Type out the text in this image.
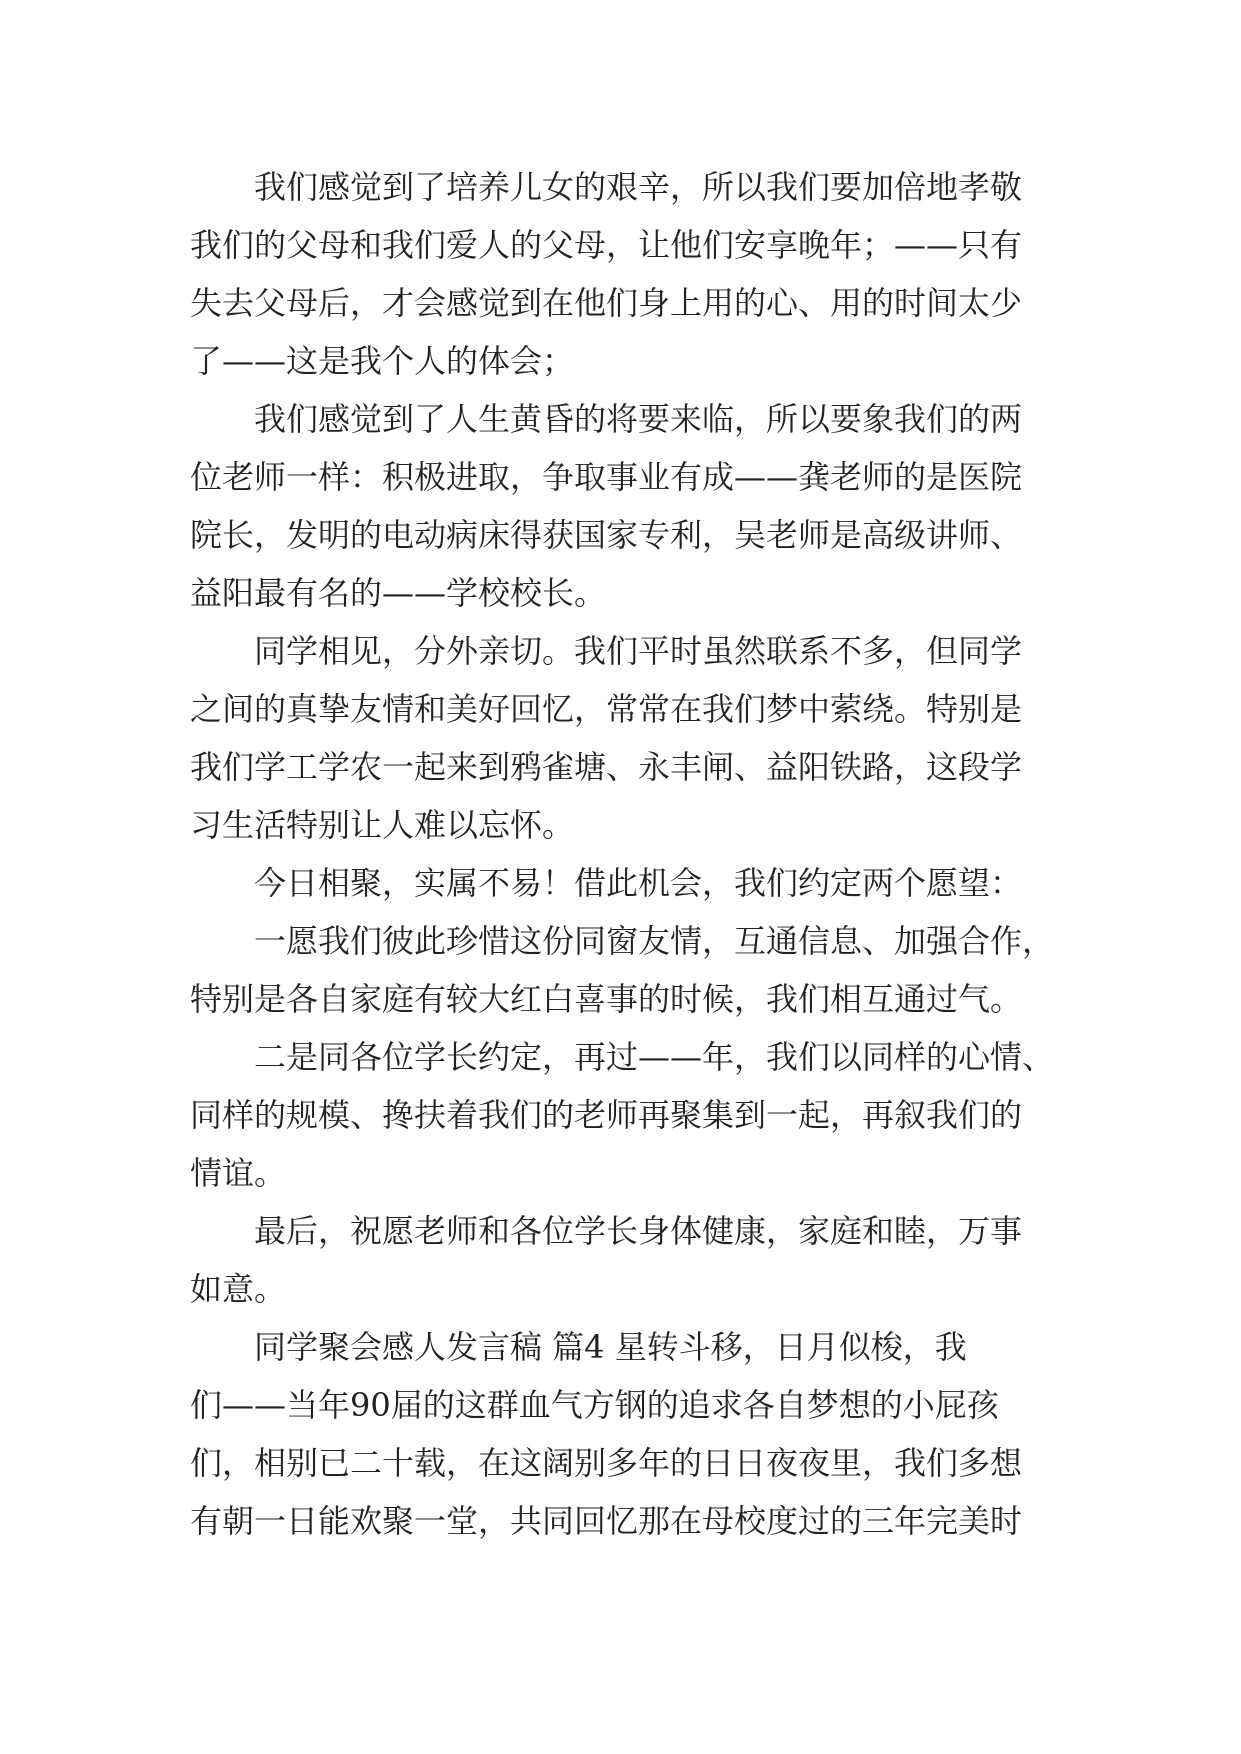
我们感觉到了培养儿女的艰辛，所以我们要加倍地孝敬
我们的父母和我们爱人的父母，让他们安享晚年；——只有
失去父母后，才会感觉到在他们身上用的心、用的时间太少
了——这是我个人的体会；
我们感觉到了人生黄昏的将要来临，所以要象我们的两
位老师一样：积极进取，争取事业有成——龚老师的是医院
院长，发明的电动病床得获国家专利，吴老师是高级讲师、
益阳最有名的——学校校长。
同学相见，分外亲切。我们平时虽然联系不多，但同学
之间的真挚友情和美好回忆，常常在我们梦中萦绕。特别是
我们学工学农一起来到鸦雀塘、永丰闸、益阳铁路，这段学
习生活特别让人难以忘怀。
今日相聚，实属不易！借此机会，我们约定两个愿望：
一愿我们彼此珍惜这份同窗友情，互通信息、加强合作，
特别是各自家庭有较大红白喜事的时候，我们相互通过气。
二是同各位学长约定，再过——年，我们以同样的心情、
同样的规模、搀扶着我们的老师再聚集到一起，再叙我们的
情谊。
最后，祝愿老师和各位学长身体健康，家庭和睦，万事
如意。
同学聚会感人发言稿 篇4 星转斗移，日月似梭，我
们——当年90届的这群血气方钢的追求各自梦想的小屁孩
们，相别已二十载，在这阔别多年的日日夜夜里，我们多想
有朝一日能欢聚一堂，共同回忆那在母校度过的三年完美时
